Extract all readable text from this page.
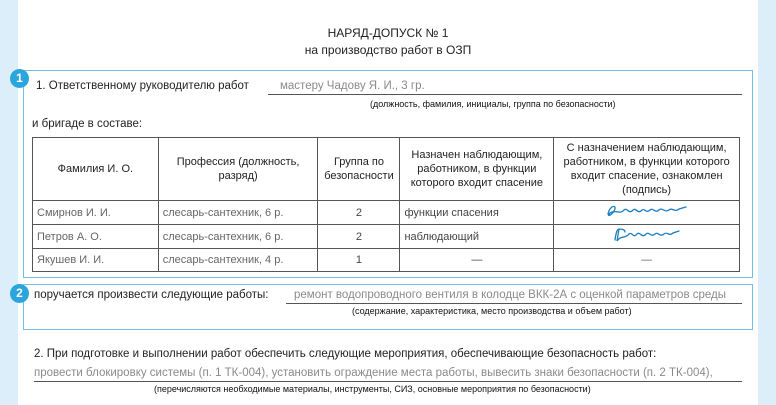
НАРЯД-ДОПУСК № 1
на производство работ в ОЗП
1. Ответственному руководителю работ	мастеру Чадову Я. И., 3 гр.
(должность, фамилия, инициалы, группа по безопасности)
и бригаде в составе:
Фамилия И. О.	Профессия (должность, разряд)	Группа по безопасности	Назначен наблюдающим, работником, в функции которого входит спасение	С назначением наблюдающим, работником, в функции которого входит спасение, ознакомлен (подпись)
Смирнов И. И.	слесарь-сантехник, 6 р.	2	функции спасения	
Петров А. О.	слесарь-сантехник, 6 р.	2	наблюдающий	
Якушев И. И.	слесарь-сантехник, 4 р.	1	—	—
поручается произвести следующие работы: ремонт водопроводного вентиля в колодце ВКК-2А с оценкой параметров среды
(содержание, характеристика, место производства и объем работ)
2. При подготовке и выполнении работ обеспечить следующие мероприятия, обеспечивающие безопасность работ:
провести блокировку системы (п. 1 ТК-004), установить ограждение места работы, вывесить знаки безопасности (п. 2 ТК-004),
(перечисляются необходимые материалы, инструменты, СИЗ, основные мероприятия по безопасности)
1
2
